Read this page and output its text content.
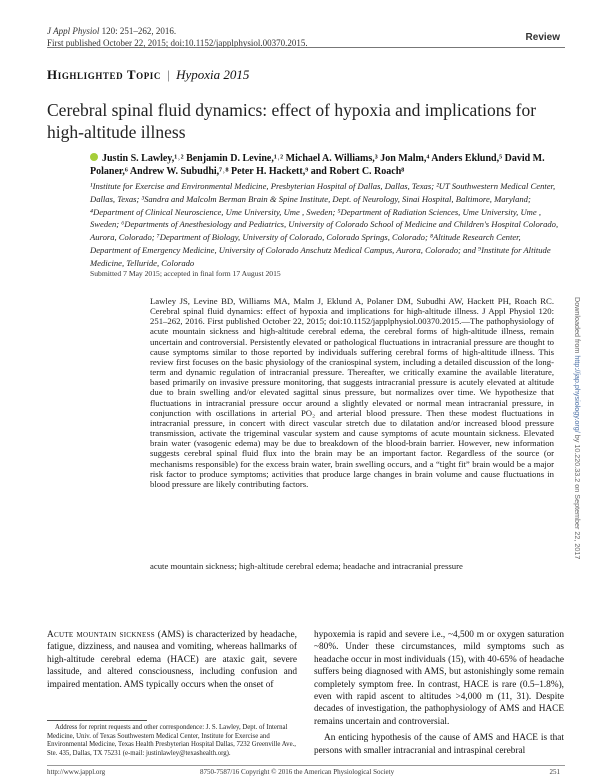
J Appl Physiol 120: 251–262, 2016.
First published October 22, 2015; doi:10.1152/japplphysiol.00370.2015.	Review
Highlighted Topic | Hypoxia 2015
Cerebral spinal fluid dynamics: effect of hypoxia and implications for high-altitude illness
Justin S. Lawley,¹˒² Benjamin D. Levine,¹˒² Michael A. Williams,³ Jon Malm,⁴ Anders Eklund,⁵ David M. Polaner,⁶ Andrew W. Subudhi,⁷˒⁸ Peter H. Hackett,⁹ and Robert C. Roach⁸
¹Institute for Exercise and Environmental Medicine, Presbyterian Hospital of Dallas, Dallas, Texas; ²UT Southwestern Medical Center, Dallas, Texas; ³Sandra and Malcolm Berman Brain & Spine Institute, Dept. of Neurology, Sinai Hospital, Baltimore, Maryland; ⁴Department of Clinical Neuroscience, Ume University, Ume , Sweden; ⁵Department of Radiation Sciences, Ume University, Ume , Sweden; ⁶Departments of Anesthesiology and Pediatrics, University of Colorado School of Medicine and Children's Hospital Colorado, Aurora, Colorado; ⁷Department of Biology, University of Colorado, Colorado Springs, Colorado; ⁸Altitude Research Center, Department of Emergency Medicine, University of Colorado Anschutz Medical Campus, Aurora, Colorado; and ⁹Institute for Altitude Medicine, Telluride, Colorado
Submitted 7 May 2015; accepted in final form 17 August 2015
Lawley JS, Levine BD, Williams MA, Malm J, Eklund A, Polaner DM, Subudhi AW, Hackett PH, Roach RC. Cerebral spinal fluid dynamics: effect of hypoxia and implications for high-altitude illness. J Appl Physiol 120: 251–262, 2016. First published October 22, 2015; doi:10.1152/japplphysiol.00370.2015.—The pathophysiology of acute mountain sickness and high-altitude cerebral edema, the cerebral forms of high-altitude illness, remain uncertain and controversial. Persistently elevated or pathological fluctuations in intracranial pressure are thought to cause symptoms similar to those reported by individuals suffering cerebral forms of high-altitude illness. This review first focuses on the basic physiology of the craniospinal system, including a detailed discussion of the long-term and dynamic regulation of intracranial pressure. Thereafter, we critically examine the available literature, based primarily on invasive pressure monitoring, that suggests intracranial pressure is acutely elevated at altitude due to brain swelling and/or elevated sagittal sinus pressure, but normalizes over time. We hypothesize that fluctuations in intracranial pressure occur around a slightly elevated or normal mean intracranial pressure, in conjunction with oscillations in arterial PO₂ and arterial blood pressure. Then these modest fluctuations in intracranial pressure, in concert with direct vascular stretch due to dilatation and/or increased blood pressure transmission, activate the trigeminal vascular system and cause symptoms of acute mountain sickness. Elevated brain water (vasogenic edema) may be due to breakdown of the blood-brain barrier. However, new information suggests cerebral spinal fluid flux into the brain may be an important factor. Regardless of the source (or mechanisms responsible) for the excess brain water, brain swelling occurs, and a “tight fit” brain would be a major risk factor to produce symptoms; activities that produce large changes in brain volume and cause fluctuations in blood pressure are likely contributing factors.
acute mountain sickness; high-altitude cerebral edema; headache and intracranial pressure
Acute mountain sickness (AMS) is characterized by headache, fatigue, dizziness, and nausea and vomiting, whereas hallmarks of high-altitude cerebral edema (HACE) are ataxic gait, severe lassitude, and altered consciousness, including confusion and impaired mentation. AMS typically occurs when the onset of

hypoxemia is rapid and severe i.e., ~4,500 m or oxygen saturation ~80%. Under these circumstances, mild symptoms such as headache occur in most individuals (15), with 40-65% of headache suffers being diagnosed with AMS, but astonishingly some remain completely symptom free. In contrast, HACE is rare (0.5–1.8%), even with rapid ascent to altitudes >4,000 m (11, 31). Despite decades of investigation, the pathophysiology of AMS and HACE remains uncertain and controversial.

An enticing hypothesis of the cause of AMS and HACE is that persons with smaller intracranial and intraspinal cerebral

Address for reprint requests and other correspondence: J. S. Lawley, Dept. of Internal Medicine, Univ. of Texas Southwestern Medical Center, Institute for Exercise and Environmental Medicine, Texas Health Presbyterian Hospital Dallas, 7232 Greenville Ave., Ste. 435, Dallas, TX 75231 (e-mail: justinlawley@texashealth.org).
http://www.jappl.org	8750-7587/16 Copyright © 2016 the American Physiological Society	251
Downloaded from http://jap.physiology.org/ by 10.220.33.2 on September 22, 2017
